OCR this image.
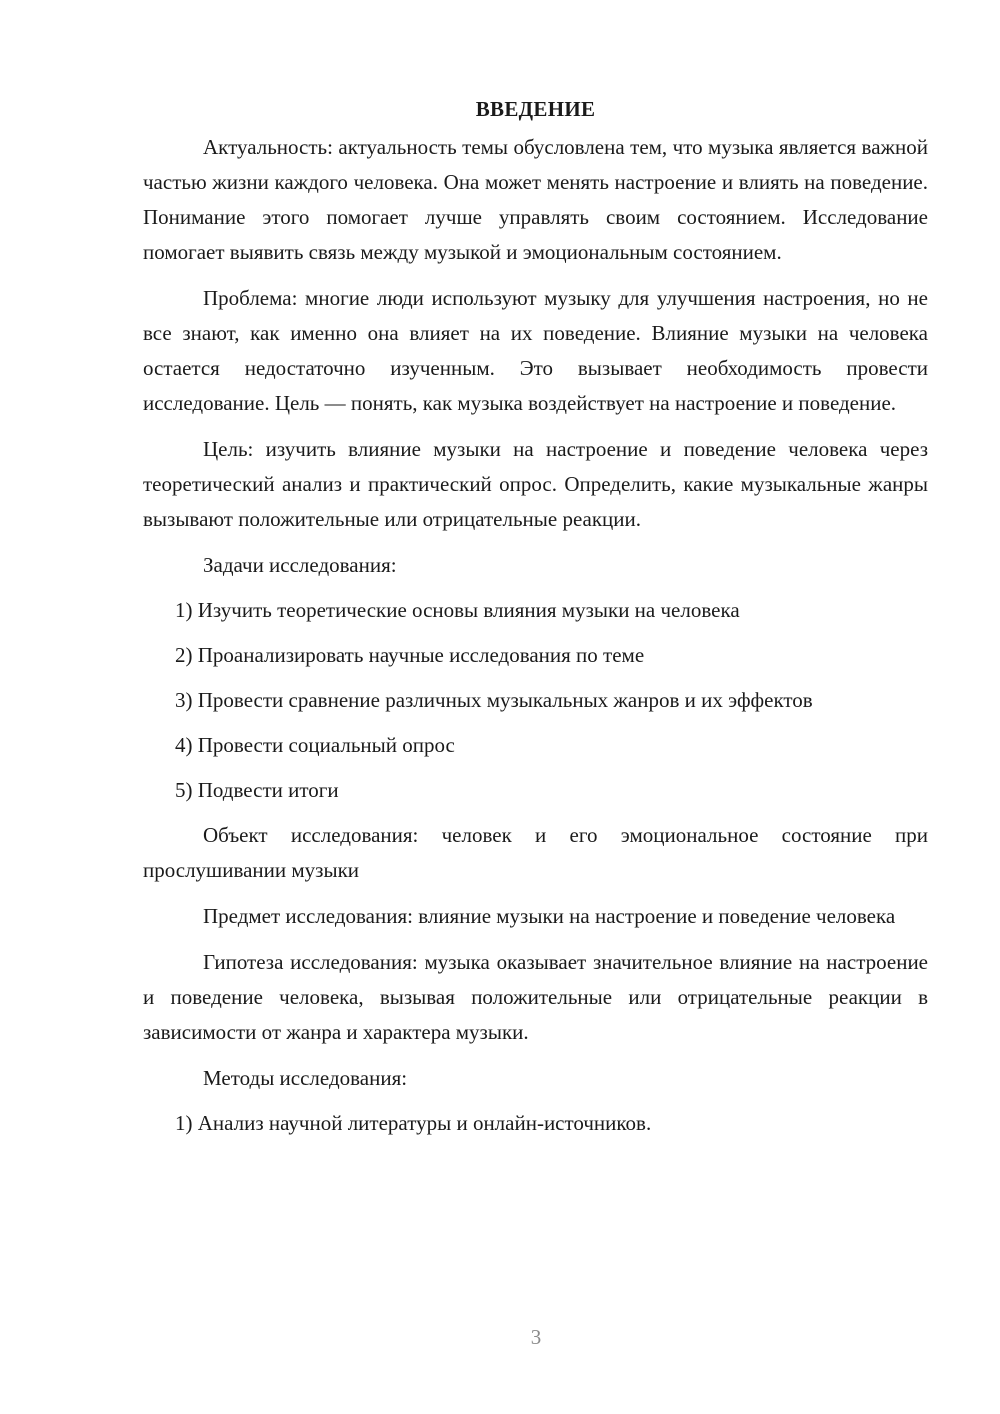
ВВЕДЕНИЕ
Актуальность: актуальность темы обусловлена тем, что музыка является важной частью жизни каждого человека. Она может менять настроение и влиять на поведение. Понимание этого помогает лучше управлять своим состоянием. Исследование помогает выявить связь между музыкой и эмоциональным состоянием.
Проблема: многие люди используют музыку для улучшения настроения, но не все знают, как именно она влияет на их поведение. Влияние музыки на человека остается недостаточно изученным. Это вызывает необходимость провести исследование. Цель — понять, как музыка воздействует на настроение и поведение.
Цель: изучить влияние музыки на настроение и поведение человека через теоретический анализ и практический опрос. Определить, какие музыкальные жанры вызывают положительные или отрицательные реакции.
Задачи исследования:
1) Изучить теоретические основы влияния музыки на человека
2) Проанализировать научные исследования по теме
3) Провести сравнение различных музыкальных жанров и их эффектов
4) Провести социальный опрос
5) Подвести итоги
Объект исследования: человек и его эмоциональное состояние при прослушивании музыки
Предмет исследования: влияние музыки на настроение и поведение человека
Гипотеза исследования: музыка оказывает значительное влияние на настроение и поведение человека, вызывая положительные или отрицательные реакции в зависимости от жанра и характера музыки.
Методы исследования:
1) Анализ научной литературы и онлайн-источников.
3
